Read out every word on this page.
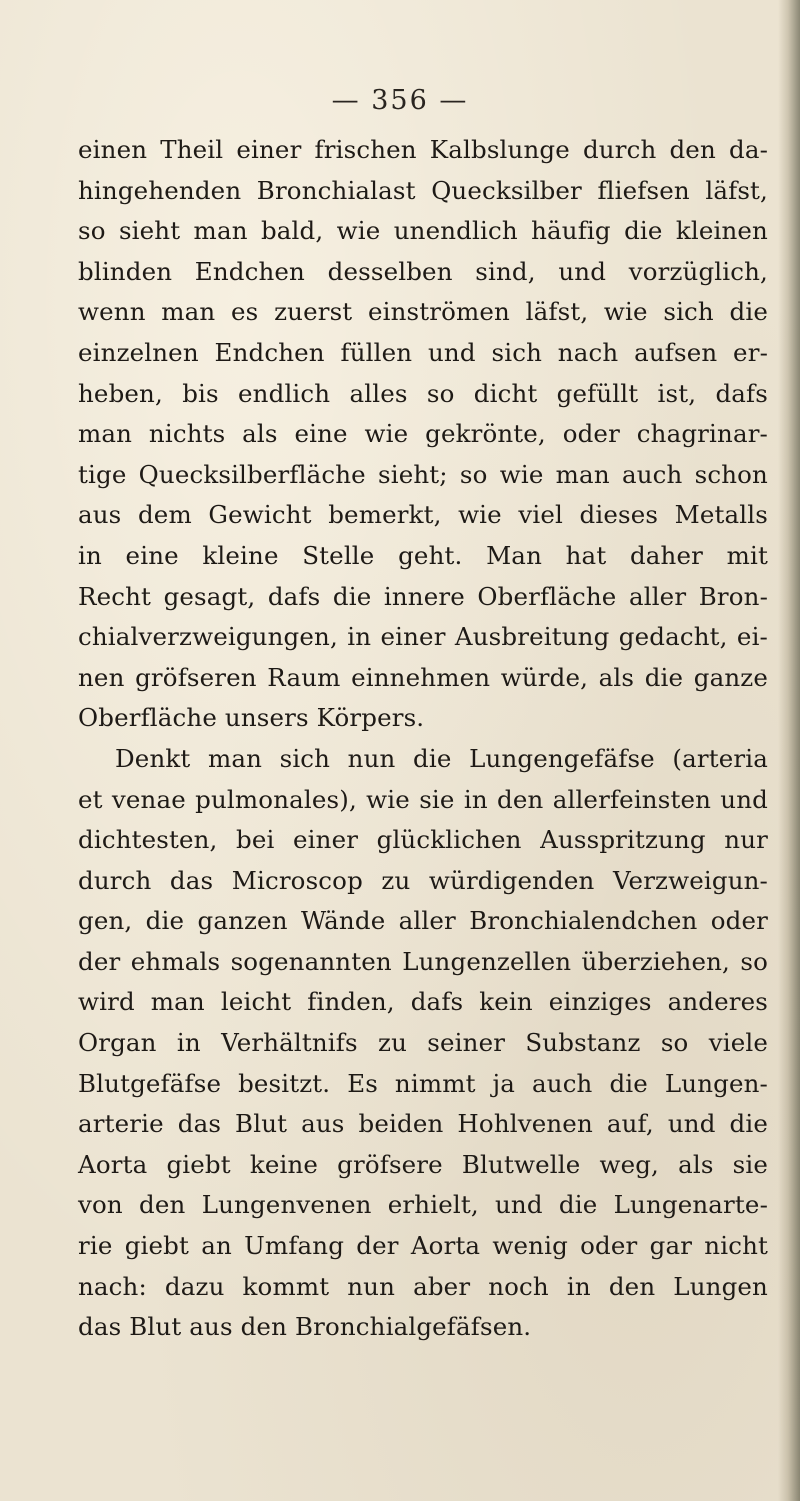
— 356 —
einen Theil einer frischen Kalbslunge durch den da-
hingehenden Bronchialast Quecksilber fliefsen läfst,
so sieht man bald, wie unendlich häufig die kleinen
blinden Endchen desselben sind, und vorzüglich,
wenn man es zuerst einströmen läfst, wie sich die
einzelnen Endchen füllen und sich nach aufsen er-
heben, bis endlich alles so dicht gefüllt ist, dafs
man nichts als eine wie gekrönte, oder chagrinar-
tige Quecksilberfläche sieht; so wie man auch schon
aus dem Gewicht bemerkt, wie viel dieses Metalls
in eine kleine Stelle geht. Man hat daher mit
Recht gesagt, dafs die innere Oberfläche aller Bron-
chialverzweigungen, in einer Ausbreitung gedacht, ei-
nen gröfseren Raum einnehmen würde, als die ganze
Oberfläche unsers Körpers.
Denkt man sich nun die Lungengefäfse (arteria
et venae pulmonales), wie sie in den allerfeinsten und
dichtesten, bei einer glücklichen Ausspritzung nur
durch das Microscop zu würdigenden Verzweigun-
gen, die ganzen Wände aller Bronchialendchen oder
der ehmals sogenannten Lungenzellen überziehen, so
wird man leicht finden, dafs kein einziges anderes
Organ in Verhältnifs zu seiner Substanz so viele
Blutgefäfse besitzt. Es nimmt ja auch die Lungen-
arterie das Blut aus beiden Hohlvenen auf, und die
Aorta giebt keine gröfsere Blutwelle weg, als sie
von den Lungenvenen erhielt, und die Lungenarte-
rie giebt an Umfang der Aorta wenig oder gar nicht
nach: dazu kommt nun aber noch in den Lungen
das Blut aus den Bronchialgefäfsen.
